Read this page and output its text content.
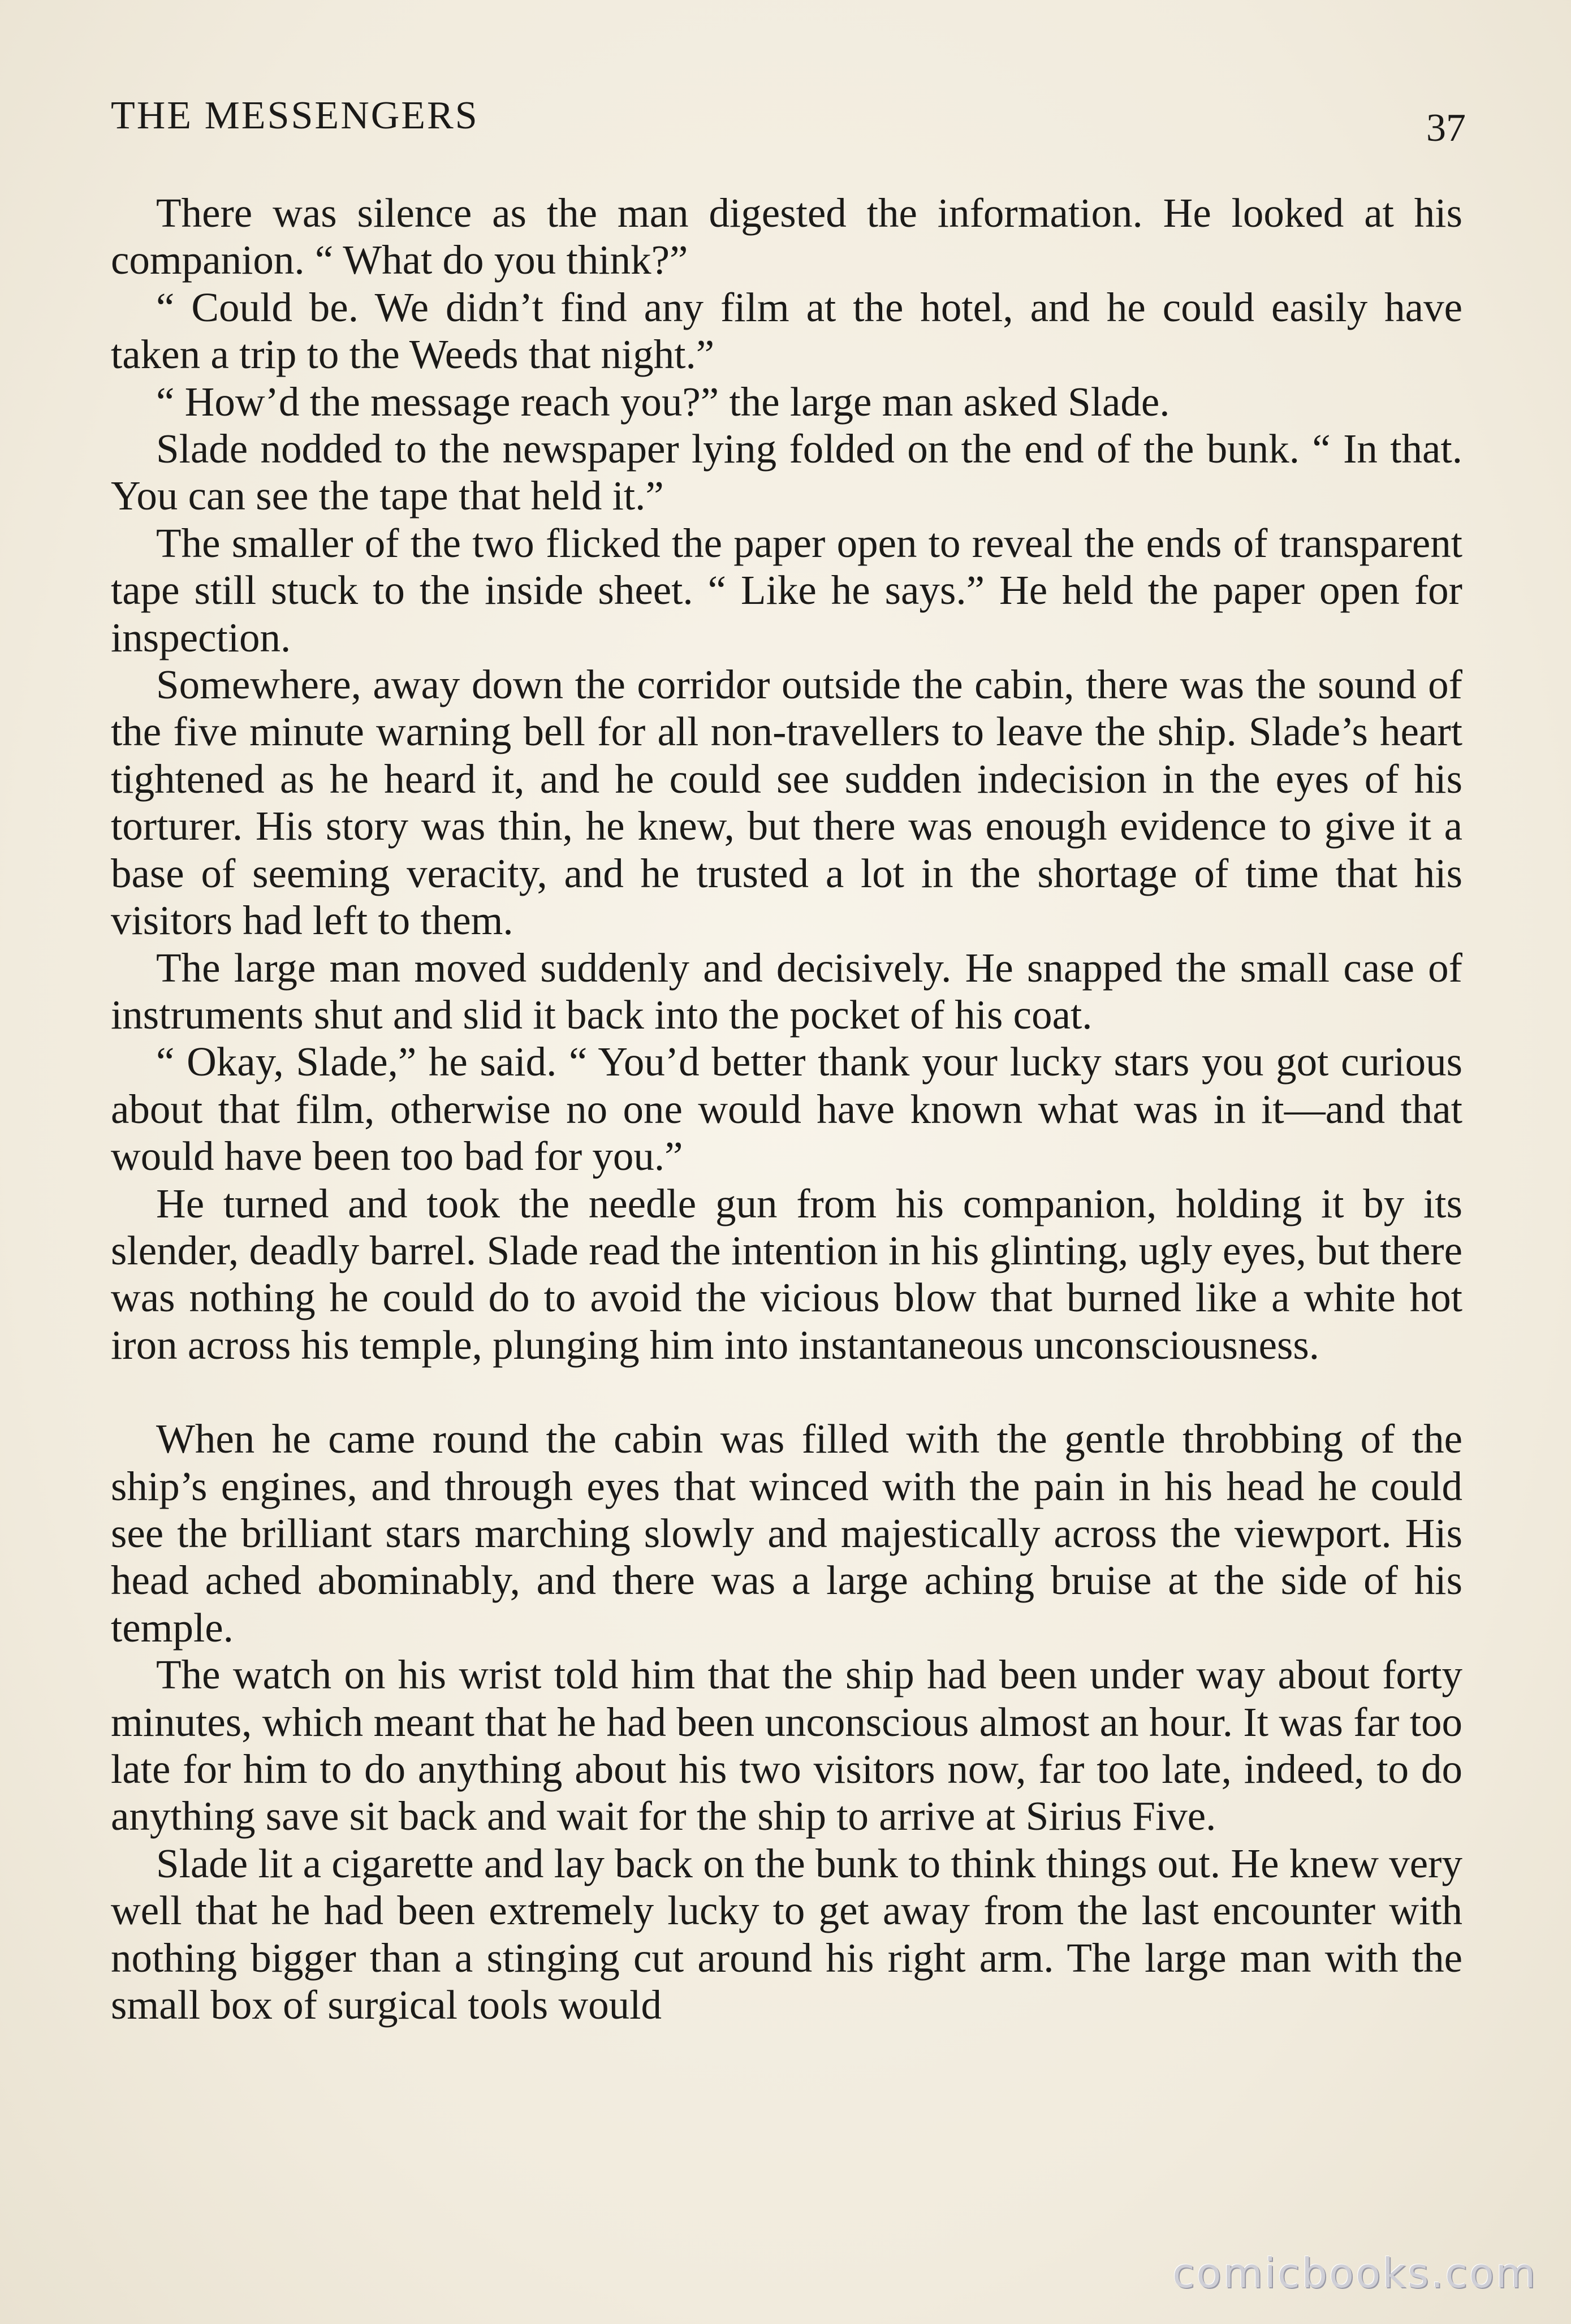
THE MESSENGERS	37

There was silence as the man digested the information. He looked at his companion. “ What do you think?”

“ Could be. We didn’t find any film at the hotel, and he could easily have taken a trip to the Weeds that night.”

“ How’d the message reach you?” the large man asked Slade.

Slade nodded to the newspaper lying folded on the end of the bunk. “ In that. You can see the tape that held it.”

The smaller of the two flicked the paper open to reveal the ends of transparent tape still stuck to the inside sheet. “ Like he says.” He held the paper open for inspection.

Somewhere, away down the corridor outside the cabin, there was the sound of the five minute warning bell for all non-travellers to leave the ship. Slade’s heart tightened as he heard it, and he could see sudden indecision in the eyes of his torturer. His story was thin, he knew, but there was enough evidence to give it a base of seeming veracity, and he trusted a lot in the shortage of time that his visitors had left to them.

The large man moved suddenly and decisively. He snapped the small case of instruments shut and slid it back into the pocket of his coat.

“ Okay, Slade,” he said. “ You’d better thank your lucky stars you got curious about that film, otherwise no one would have known what was in it—and that would have been too bad for you.”

He turned and took the needle gun from his companion, holding it by its slender, deadly barrel. Slade read the intention in his glinting, ugly eyes, but there was nothing he could do to avoid the vicious blow that burned like a white hot iron across his temple, plunging him into instantaneous unconsciousness.

When he came round the cabin was filled with the gentle throbbing of the ship’s engines, and through eyes that winced with the pain in his head he could see the brilliant stars marching slowly and majestically across the viewport. His head ached abominably, and there was a large aching bruise at the side of his temple.

The watch on his wrist told him that the ship had been under way about forty minutes, which meant that he had been unconscious almost an hour. It was far too late for him to do anything about his two visitors now, far too late, indeed, to do anything save sit back and wait for the ship to arrive at Sirius Five.

Slade lit a cigarette and lay back on the bunk to think things out. He knew very well that he had been extremely lucky to get away from the last encounter with nothing bigger than a stinging cut around his right arm. The large man with the small box of surgical tools would

comicbooks.com
